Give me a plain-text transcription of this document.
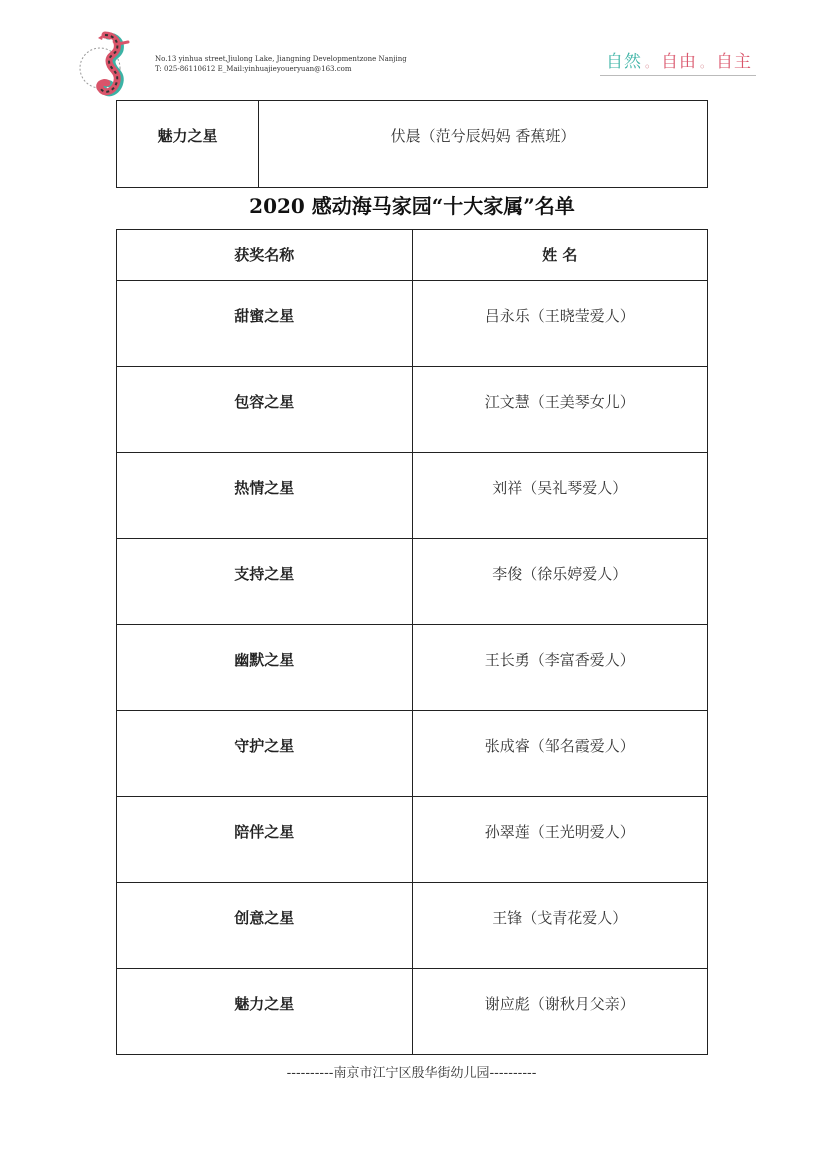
No.13 yinhua street,Jiulong Lake, Jiangning Developmentzone Nanjing
T: 025-86110612 E_Mail:yinhuajieyoueryuan@163.com	自然 。 自由 。 自主
魅力之星	伏晨（范兮辰妈妈 香蕉班）
2020 感动海马家园“十大家属”名单
获奖名称	姓 名
甜蜜之星	吕永乐（王晓莹爱人）
包容之星	江文慧（王美琴女儿）
热情之星	刘祥（吴礼琴爱人）
支持之星	李俊（徐乐婷爱人）
幽默之星	王长勇（李富香爱人）
守护之星	张成睿（邹名霞爱人）
陪伴之星	孙翠莲（王光明爱人）
创意之星	王锋（戈青花爱人）
魅力之星	谢应彪（谢秋月父亲）
----------南京市江宁区殷华街幼儿园----------
